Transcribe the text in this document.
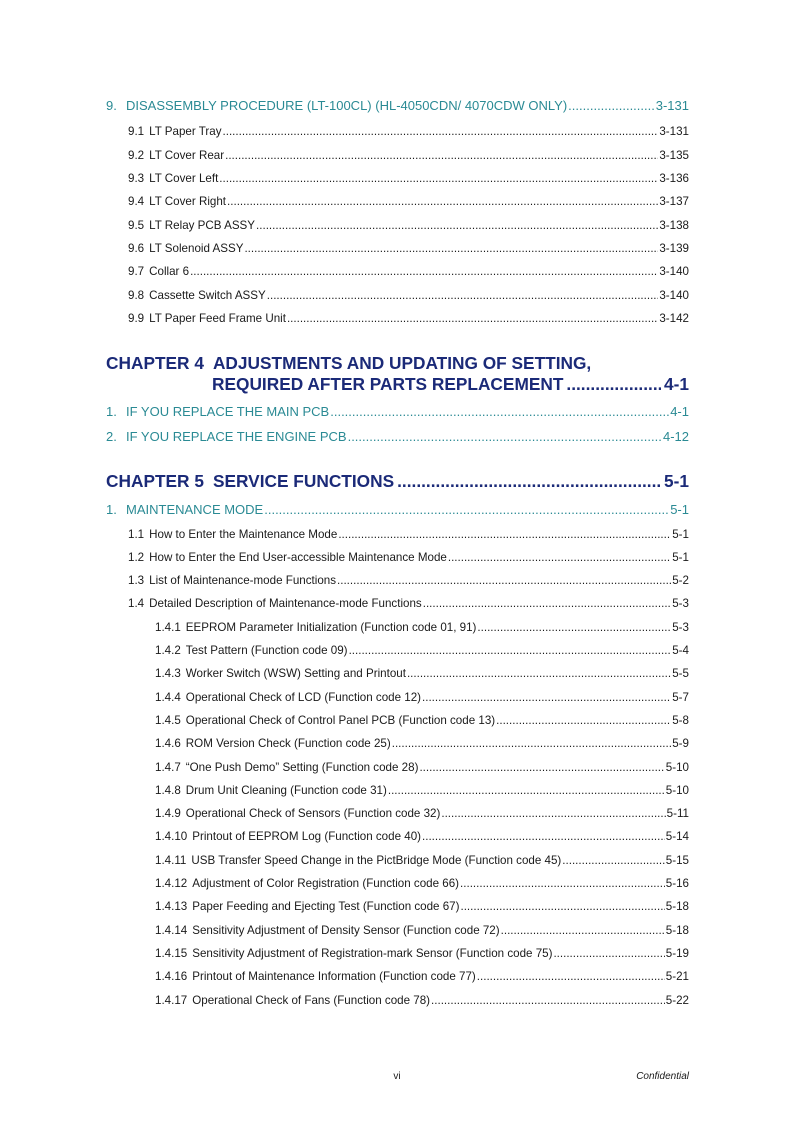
9. DISASSEMBLY PROCEDURE (LT-100CL) (HL-4050CDN/ 4070CDW ONLY) .....	3-131
9.1 LT Paper Tray .....	3-131
9.2 LT Cover Rear .....	3-135
9.3 LT Cover Left .....	3-136
9.4 LT Cover Right .....	3-137
9.5 LT Relay PCB ASSY .....	3-138
9.6 LT Solenoid ASSY .....	3-139
9.7 Collar 6 .....	3-140
9.8 Cassette Switch ASSY .....	3-140
9.9 LT Paper Feed Frame Unit .....	3-142
CHAPTER 4 ADJUSTMENTS AND UPDATING OF SETTING,
REQUIRED AFTER PARTS REPLACEMENT .....	4-1
1. IF YOU REPLACE THE MAIN PCB .....	4-1
2. IF YOU REPLACE THE ENGINE PCB .....	4-12
CHAPTER 5 SERVICE FUNCTIONS .....	5-1
1. MAINTENANCE MODE .....	5-1
1.1 How to Enter the Maintenance Mode .....	5-1
1.2 How to Enter the End User-accessible Maintenance Mode .....	5-1
1.3 List of Maintenance-mode Functions .....	5-2
1.4 Detailed Description of Maintenance-mode Functions .....	5-3
1.4.1 EEPROM Parameter Initialization (Function code 01, 91) .....	5-3
1.4.2 Test Pattern (Function code 09) .....	5-4
1.4.3 Worker Switch (WSW) Setting and Printout .....	5-5
1.4.4 Operational Check of LCD (Function code 12) .....	5-7
1.4.5 Operational Check of Control Panel PCB (Function code 13) .....	5-8
1.4.6 ROM Version Check (Function code 25) .....	5-9
1.4.7 “One Push Demo” Setting (Function code 28) .....	5-10
1.4.8 Drum Unit Cleaning (Function code 31) .....	5-10
1.4.9 Operational Check of Sensors (Function code 32) .....	5-11
1.4.10 Printout of EEPROM Log (Function code 40) .....	5-14
1.4.11 USB Transfer Speed Change in the PictBridge Mode (Function code 45) .....	5-15
1.4.12 Adjustment of Color Registration (Function code 66) .....	5-16
1.4.13 Paper Feeding and Ejecting Test (Function code 67) .....	5-18
1.4.14 Sensitivity Adjustment of Density Sensor (Function code 72) .....	5-18
1.4.15 Sensitivity Adjustment of Registration-mark Sensor (Function code 75) .....	5-19
1.4.16 Printout of Maintenance Information (Function code 77) .....	5-21
1.4.17 Operational Check of Fans (Function code 78) .....	5-22
vi	Confidential
